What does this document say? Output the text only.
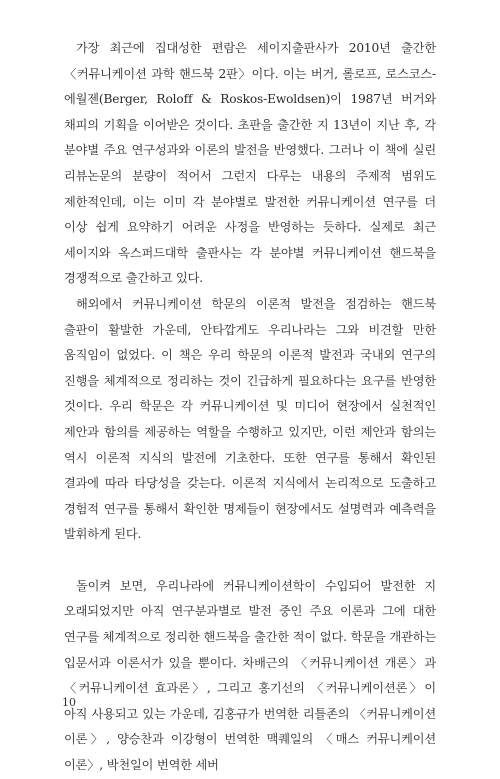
가장 최근에 집대성한 편람은 세이지출판사가 2010년 출간한 〈커뮤니케이션 과학 핸드북 2판〉이다. 이는 버거, 롤로프, 로스코스-에월젠(Berger, Roloff & Roskos-Ewoldsen)이 1987년 버거와 채피의 기획을 이어받은 것이다. 초판을 출간한 지 13년이 지난 후, 각 분야별 주요 연구성과와 이론의 발전을 반영했다. 그러나 이 책에 실린 리뷰논문의 분량이 적어서 그런지 다루는 내용의 주제적 범위도 제한적인데, 이는 이미 각 분야별로 발전한 커뮤니케이션 연구를 더 이상 쉽게 요약하기 어려운 사정을 반영하는 듯하다. 실제로 최근 세이지와 옥스퍼드대학 출판사는 각 분야별 커뮤니케이션 핸드북을 경쟁적으로 출간하고 있다.

해외에서 커뮤니케이션 학문의 이론적 발전을 점검하는 핸드북 출판이 활발한 가운데, 안타깝게도 우리나라는 그와 비견할 만한 움직임이 없었다. 이 책은 우리 학문의 이론적 발전과 국내외 연구의 진행을 체계적으로 정리하는 것이 긴급하게 필요하다는 요구를 반영한 것이다. 우리 학문은 각 커뮤니케이션 및 미디어 현장에서 실천적인 제안과 함의를 제공하는 역할을 수행하고 있지만, 이런 제안과 함의는 역시 이론적 지식의 발전에 기초한다. 또한 연구를 통해서 확인된 결과에 따라 타당성을 갖는다. 이론적 지식에서 논리적으로 도출하고 경험적 연구를 통해서 확인한 명제들이 현장에서도 설명력과 예측력을 발휘하게 된다.

돌이켜 보면, 우리나라에 커뮤니케이션학이 수입되어 발전한 지 오래되었지만 아직 연구분과별로 발전 중인 주요 이론과 그에 대한 연구를 체계적으로 정리한 핸드북을 출간한 적이 없다. 학문을 개관하는 입문서과 이론서가 있을 뿐이다. 차배근의 〈커뮤니케이션 개론〉과 〈커뮤니케이션 효과론〉, 그리고 홍기선의 〈커뮤니케이션론〉이 아직 사용되고 있는 가운데, 김홍규가 번역한 리틀존의 〈커뮤니케이션 이론〉, 양승찬과 이강형이 번역한 맥퀘일의 〈매스 커뮤니케이션 이론〉, 박천일이 번역한 세버

10
